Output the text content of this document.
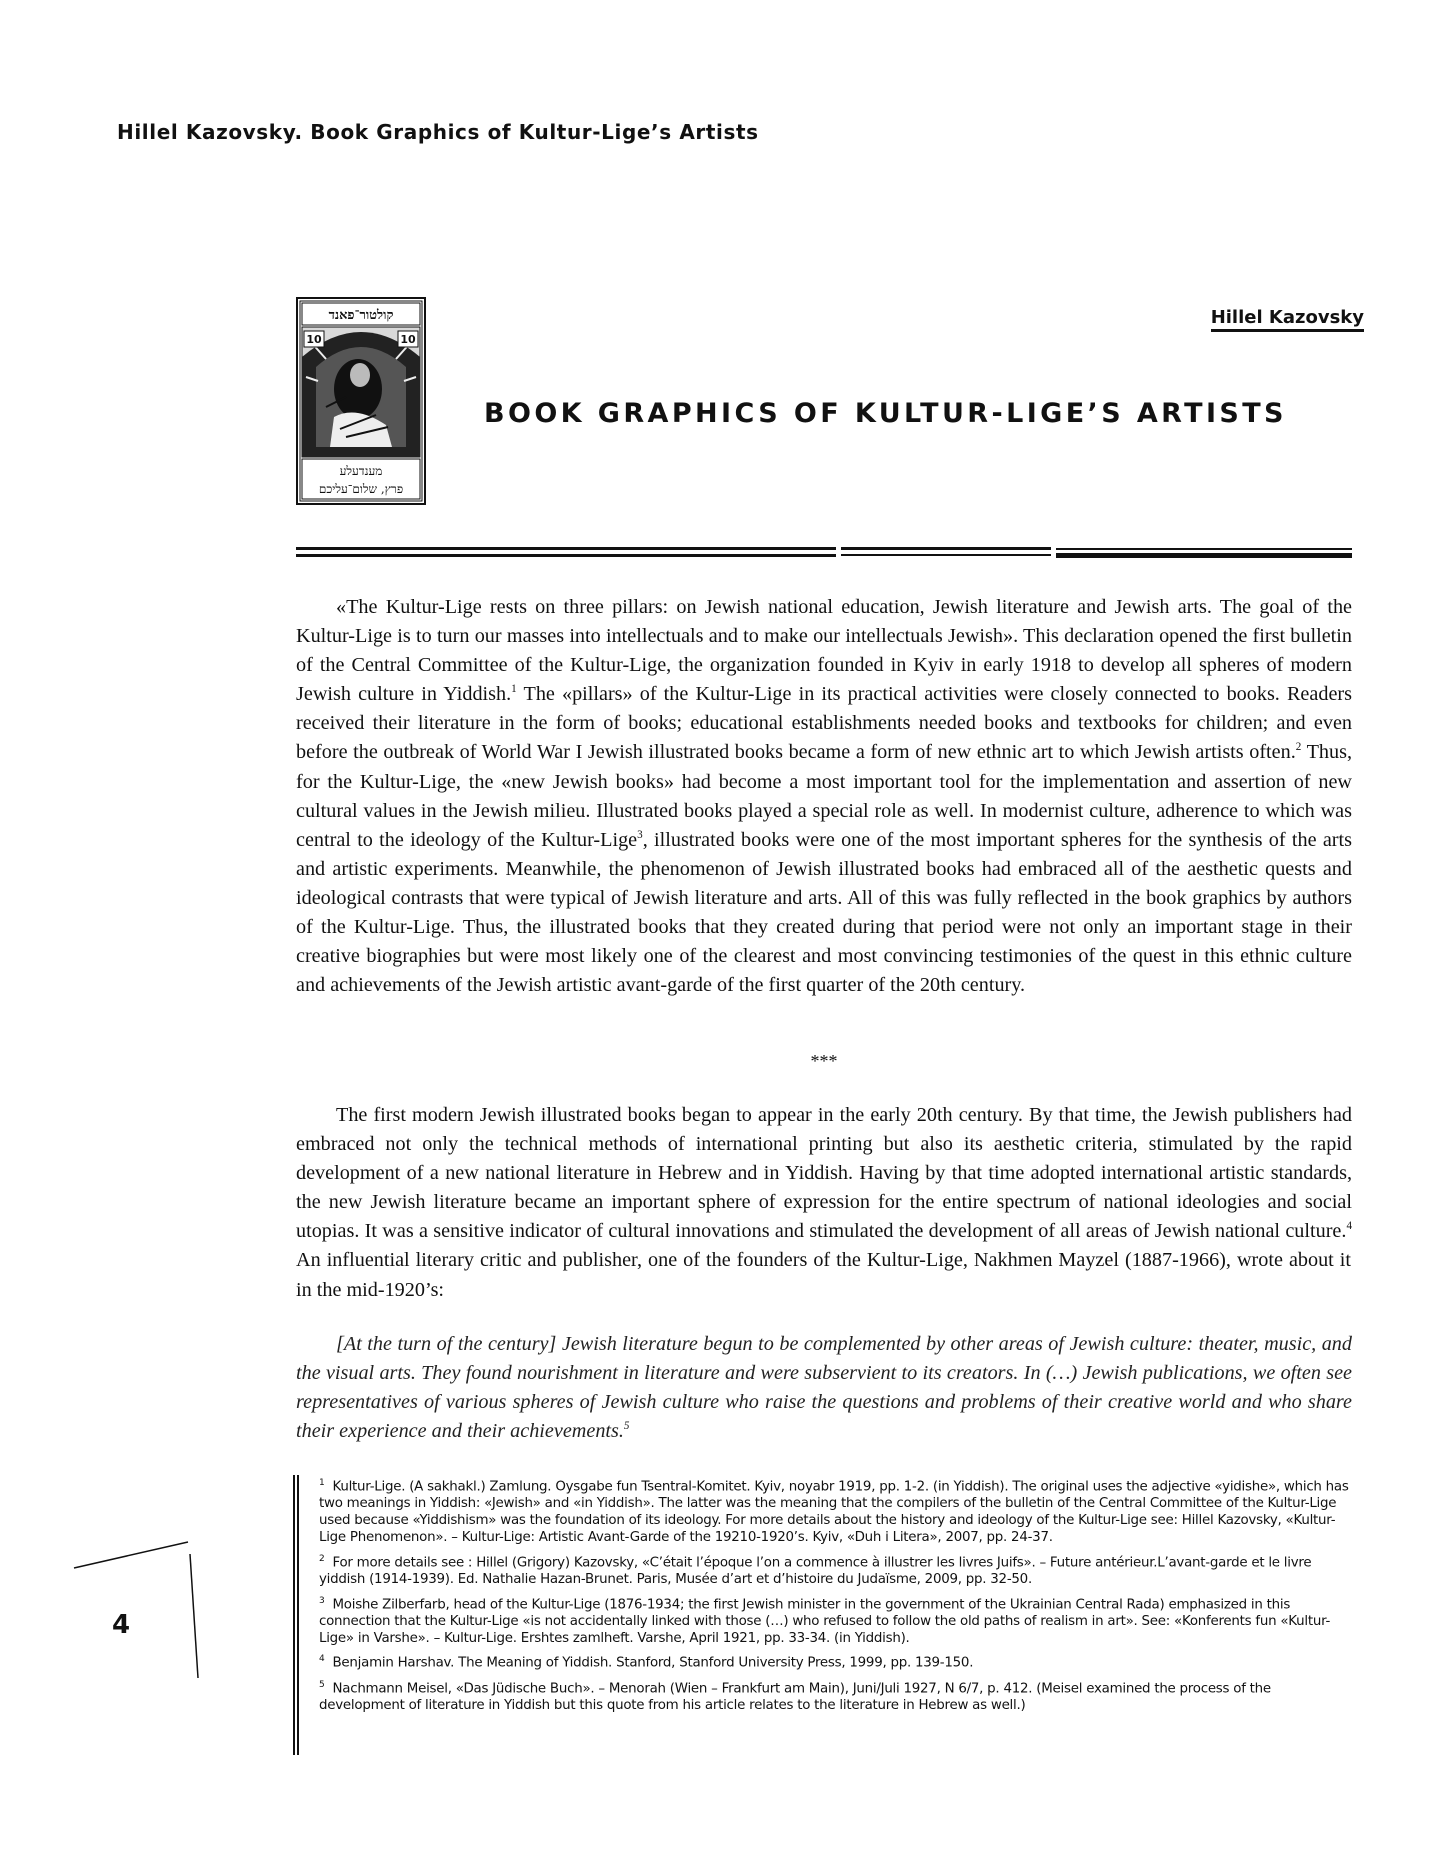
Hillel Kazovsky. Book Graphics of Kultur-Lige’s Artists
קולטור־פאנד
10	10
מענדעלע
פרץ, שלום־עליכם
Hillel Kazovsky
BOOK GRAPHICS OF KULTUR-LIGE’S ARTISTS

«The Kultur-Lige rests on three pillars: on Jewish national education, Jewish literature and Jewish arts. The goal of the Kultur-Lige is to turn our masses into intellectuals and to make our intellectuals Jewish». This declaration opened the first bulletin of the Central Committee of the Kultur-Lige, the organization founded in Kyiv in early 1918 to develop all spheres of modern Jewish culture in Yiddish.$^1$ The «pillars» of the Kultur-Lige in its practical activities were closely connected to books. Readers received their literature in the form of books; educational establishments needed books and textbooks for children; and even before the outbreak of World War I Jewish illustrated books became a form of new ethnic art to which Jewish artists often.$^2$ Thus, for the Kultur-Lige, the «new Jewish books» had become a most important tool for the implementation and assertion of new cultural values in the Jewish milieu. Illustrated books played a special role as well. In modernist culture, adherence to which was central to the ideology of the Kultur-Lige$^3$, illustrated books were one of the most important spheres for the synthesis of the arts and artistic experiments. Meanwhile, the phenomenon of Jewish illustrated books had embraced all of the aesthetic quests and ideological contrasts that were typical of Jewish literature and arts. All of this was fully reflected in the book graphics by authors of the Kultur-Lige. Thus, the illustrated books that they created during that period were not only an important stage in their creative biographies but were most likely one of the clearest and most convincing testimonies of the quest in this ethnic culture and achievements of the Jewish artistic avant-garde of the first quarter of the 20th century.

***

The first modern Jewish illustrated books began to appear in the early 20th century. By that time, the Jewish publishers had embraced not only the technical methods of international printing but also its aesthetic criteria, stimulated by the rapid development of a new national literature in Hebrew and in Yiddish. Having by that time adopted international artistic standards, the new Jewish literature became an important sphere of expression for the entire spectrum of national ideologies and social utopias. It was a sensitive indicator of cultural innovations and stimulated the development of all areas of Jewish national culture.$^4$ An influential literary critic and publisher, one of the founders of the Kultur-Lige, Nakhmen Mayzel (1887-1966), wrote about it in the mid-1920’s:

[At the turn of the century] Jewish literature begun to be complemented by other areas of Jewish culture: theater, music, and the visual arts. They found nourishment in literature and were subservient to its creators. In (…) Jewish publications, we often see representatives of various spheres of Jewish culture who raise the questions and problems of their creative world and who share their experience and their achievements.$^5$

$^1$ Kultur-Lige. (A sakhakl.) Zamlung. Oysgabe fun Tsentral-Komitet. Kyiv, noyabr 1919, pp. 1-2. (in Yiddish). The original uses the adjective «yidishe», which has two meanings in Yiddish: «Jewish» and «in Yiddish». The latter was the meaning that the compilers of the bulletin of the Central Committee of the Kultur-Lige used because «Yiddishism» was the foundation of its ideology. For more details about the history and ideology of the Kultur-Lige see: Hillel Kazovsky, «Kultur-Lige Phenomenon». – Kultur-Lige: Artistic Avant-Garde of the 19210-1920’s. Kyiv, «Duh i Litera», 2007, pp. 24-37.

$^2$ For more details see : Hillel (Grigory) Kazovsky, «C’était l’époque l’on a commence à illustrer les livres Juifs». – Future antérieur.L’avant-garde et le livre yiddish (1914-1939). Ed. Nathalie Hazan-Brunet. Paris, Musée d’art et d’histoire du Judaïsme, 2009, pp. 32-50.

$^3$ Moishe Zilberfarb, head of the Kultur-Lige (1876-1934; the first Jewish minister in the government of the Ukrainian Central Rada) emphasized in this connection that the Kultur-Lige «is not accidentally linked with those (…) who refused to follow the old paths of realism in art». See: «Konferents fun «Kultur-Lige» in Varshe». – Kultur-Lige. Ershtes zamlheft. Varshe, April 1921, pp. 33-34. (in Yiddish).

$^4$ Benjamin Harshav. The Meaning of Yiddish. Stanford, Stanford University Press, 1999, pp. 139-150.

$^5$ Nachmann Meisel, «Das Jüdische Buch». – Menorah (Wien – Frankfurt am Main), Juni/Juli 1927, N 6/7, p. 412. (Meisel examined the process of the development of literature in Yiddish but this quote from his article relates to the literature in Hebrew as well.)

4
